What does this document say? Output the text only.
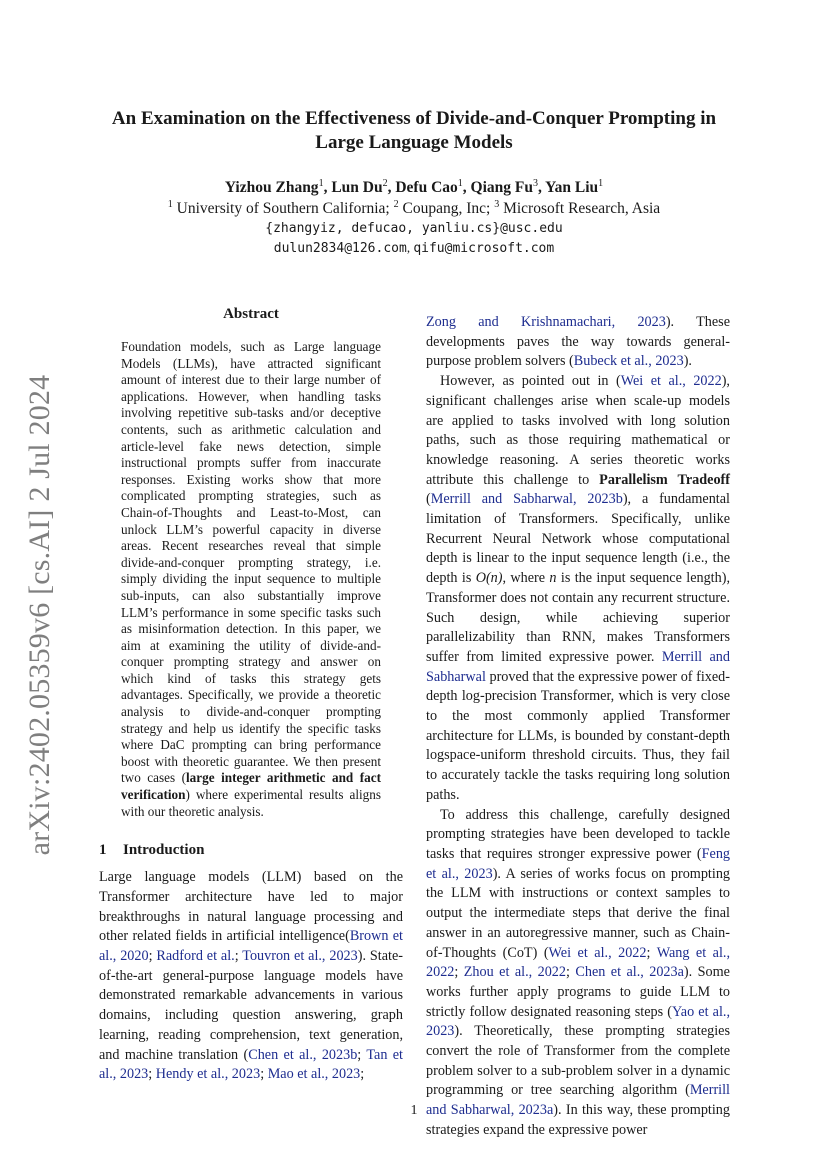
arXiv:2402.05359v6 [cs.AI] 2 Jul 2024
An Examination on the Effectiveness of Divide-and-Conquer Prompting in
Large Language Models
Yizhou Zhang$^1$, Lun Du$^2$, Defu Cao$^1$, Qiang Fu$^3$, Yan Liu$^1$
$^1$ University of Southern California; $^2$ Coupang, Inc; $^3$ Microsoft Research, Asia
{zhangyiz, defucao, yanliu.cs}@usc.edu
dulun2834@126.com, qifu@microsoft.com
Abstract

Foundation models, such as Large language Models (LLMs), have attracted significant amount of interest due to their large number of applications. However, when handling tasks involving repetitive sub-tasks and/or deceptive contents, such as arithmetic calculation and article-level fake news detection, simple instructional prompts suffer from inaccurate responses. Existing works show that more complicated prompting strategies, such as Chain-of-Thoughts and Least-to-Most, can unlock LLM’s powerful capacity in diverse areas. Recent researches reveal that simple divide-and-conquer prompting strategy, i.e. simply dividing the input sequence to multiple sub-inputs, can also substantially improve LLM’s performance in some specific tasks such as misinformation detection. In this paper, we aim at examining the utility of divide-and-conquer prompting strategy and answer on which kind of tasks this strategy gets advantages. Specifically, we provide a theoretic analysis to divide-and-conquer prompting strategy and help us identify the specific tasks where DaC prompting can bring performance boost with theoretic guarantee. We then present two cases (large integer arithmetic and fact verification) where experimental results aligns with our theoretic analysis.

1 Introduction

Large language models (LLM) based on the Transformer architecture have led to major breakthroughs in natural language processing and other related fields in artificial intelligence(Brown et al., 2020; Radford et al.; Touvron et al., 2023). State-of-the-art general-purpose language models have demonstrated remarkable advancements in various domains, including question answering, graph learning, reading comprehension, text generation, and machine translation (Chen et al., 2023b; Tan et al., 2023; Hendy et al., 2023; Mao et al., 2023;

Zong and Krishnamachari, 2023). These developments paves the way towards general-purpose problem solvers (Bubeck et al., 2023).

However, as pointed out in (Wei et al., 2022), significant challenges arise when scale-up models are applied to tasks involved with long solution paths, such as those requiring mathematical or knowledge reasoning. A series theoretic works attribute this challenge to Parallelism Tradeoff (Merrill and Sabharwal, 2023b), a fundamental limitation of Transformers. Specifically, unlike Recurrent Neural Network whose computational depth is linear to the input sequence length (i.e., the depth is O(n), where n is the input sequence length), Transformer does not contain any recurrent structure. Such design, while achieving superior parallelizability than RNN, makes Transformers suffer from limited expressive power. Merrill and Sabharwal proved that the expressive power of fixed-depth log-precision Transformer, which is very close to the most commonly applied Transformer architecture for LLMs, is bounded by constant-depth logspace-uniform threshold circuits. Thus, they fail to accurately tackle the tasks requiring long solution paths.

To address this challenge, carefully designed prompting strategies have been developed to tackle tasks that requires stronger expressive power (Feng et al., 2023). A series of works focus on prompting the LLM with instructions or context samples to output the intermediate steps that derive the final answer in an autoregressive manner, such as Chain-of-Thoughts (CoT) (Wei et al., 2022; Wang et al., 2022; Zhou et al., 2022; Chen et al., 2023a). Some works further apply programs to guide LLM to strictly follow designated reasoning steps (Yao et al., 2023). Theoretically, these prompting strategies convert the role of Transformer from the complete problem solver to a sub-problem solver in a dynamic programming or tree searching algorithm (Merrill and Sabharwal, 2023a). In this way, these prompting strategies expand the expressive power

1
